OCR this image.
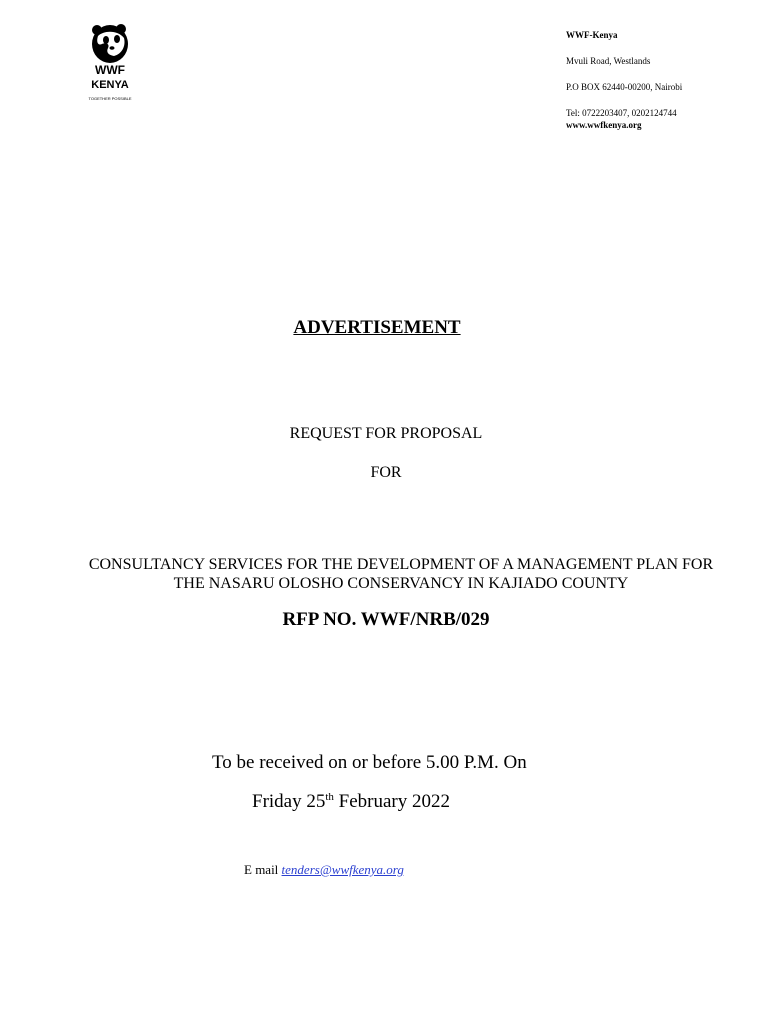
WWF
KENYA
TOGETHER POSSIBLE
WWF-Kenya
Mvuli Road, Westlands
P.O BOX 62440-00200, Nairobi
Tel: 0722203407, 0202124744
www.wwfkenya.org
ADVERTISEMENT
REQUEST FOR PROPOSAL
FOR
CONSULTANCY SERVICES FOR THE DEVELOPMENT OF A MANAGEMENT PLAN FOR
THE NASARU OLOSHO CONSERVANCY IN KAJIADO COUNTY
RFP NO. WWF/NRB/029
To be received on or before 5.00 P.M. On
Friday 25th February 2022
E mail tenders@wwfkenya.org
